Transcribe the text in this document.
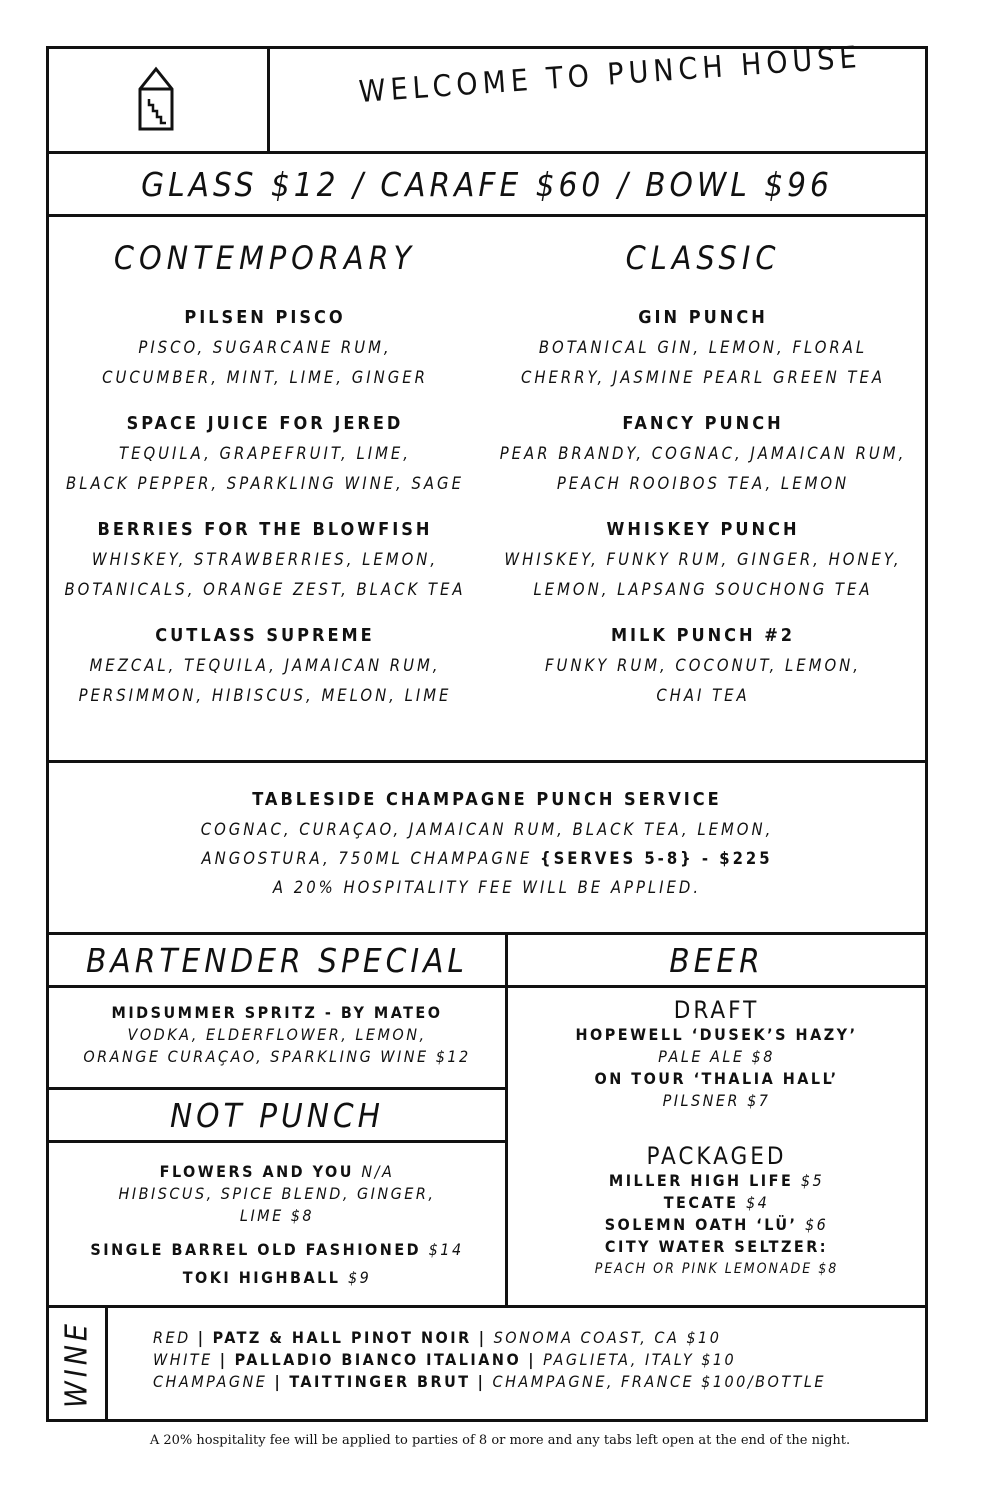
WELCOME TO PUNCH HOUSE
GLASS $12 / CARAFE $60 / BOWL $96
CONTEMPORARY
PILSEN PISCO
PISCO, SUGARCANE RUM,
CUCUMBER, MINT, LIME, GINGER
SPACE JUICE FOR JERED
TEQUILA, GRAPEFRUIT, LIME,
BLACK PEPPER, SPARKLING WINE, SAGE
BERRIES FOR THE BLOWFISH
WHISKEY, STRAWBERRIES, LEMON,
BOTANICALS, ORANGE ZEST, BLACK TEA
CUTLASS SUPREME
MEZCAL, TEQUILA, JAMAICAN RUM,
PERSIMMON, HIBISCUS, MELON, LIME
CLASSIC
GIN PUNCH
BOTANICAL GIN, LEMON, FLORAL
CHERRY, JASMINE PEARL GREEN TEA
FANCY PUNCH
PEAR BRANDY, COGNAC, JAMAICAN RUM,
PEACH ROOIBOS TEA, LEMON
WHISKEY PUNCH
WHISKEY, FUNKY RUM, GINGER, HONEY,
LEMON, LAPSANG SOUCHONG TEA
MILK PUNCH #2
FUNKY RUM, COCONUT, LEMON,
CHAI TEA
TABLESIDE CHAMPAGNE PUNCH SERVICE
COGNAC, CURAÇAO, JAMAICAN RUM, BLACK TEA, LEMON,
ANGOSTURA, 750ML CHAMPAGNE {SERVES 5-8} - $225
A 20% HOSPITALITY FEE WILL BE APPLIED.
BARTENDER SPECIAL
MIDSUMMER SPRITZ - BY MATEO
VODKA, ELDERFLOWER, LEMON,
ORANGE CURAÇAO, SPARKLING WINE $12
NOT PUNCH
FLOWERS AND YOU N/A
HIBISCUS, SPICE BLEND, GINGER,
LIME $8
SINGLE BARREL OLD FASHIONED $14
TOKI HIGHBALL $9
BEER
DRAFT
HOPEWELL ‘DUSEK’S HAZY’
PALE ALE $8
ON TOUR ‘THALIA HALL’
PILSNER $7
PACKAGED
MILLER HIGH LIFE $5
TECATE $4
SOLEMN OATH ‘LÜ’ $6
CITY WATER SELTZER:
PEACH OR PINK LEMONADE $8
WINE	RED | PATZ & HALL PINOT NOIR | SONOMA COAST, CA $10
WHITE | PALLADIO BIANCO ITALIANO | PAGLIETA, ITALY $10
CHAMPAGNE | TAITTINGER BRUT | CHAMPAGNE, FRANCE $100/BOTTLE
A 20% hospitality fee will be applied to parties of 8 or more and any tabs left open at the end of the night.
